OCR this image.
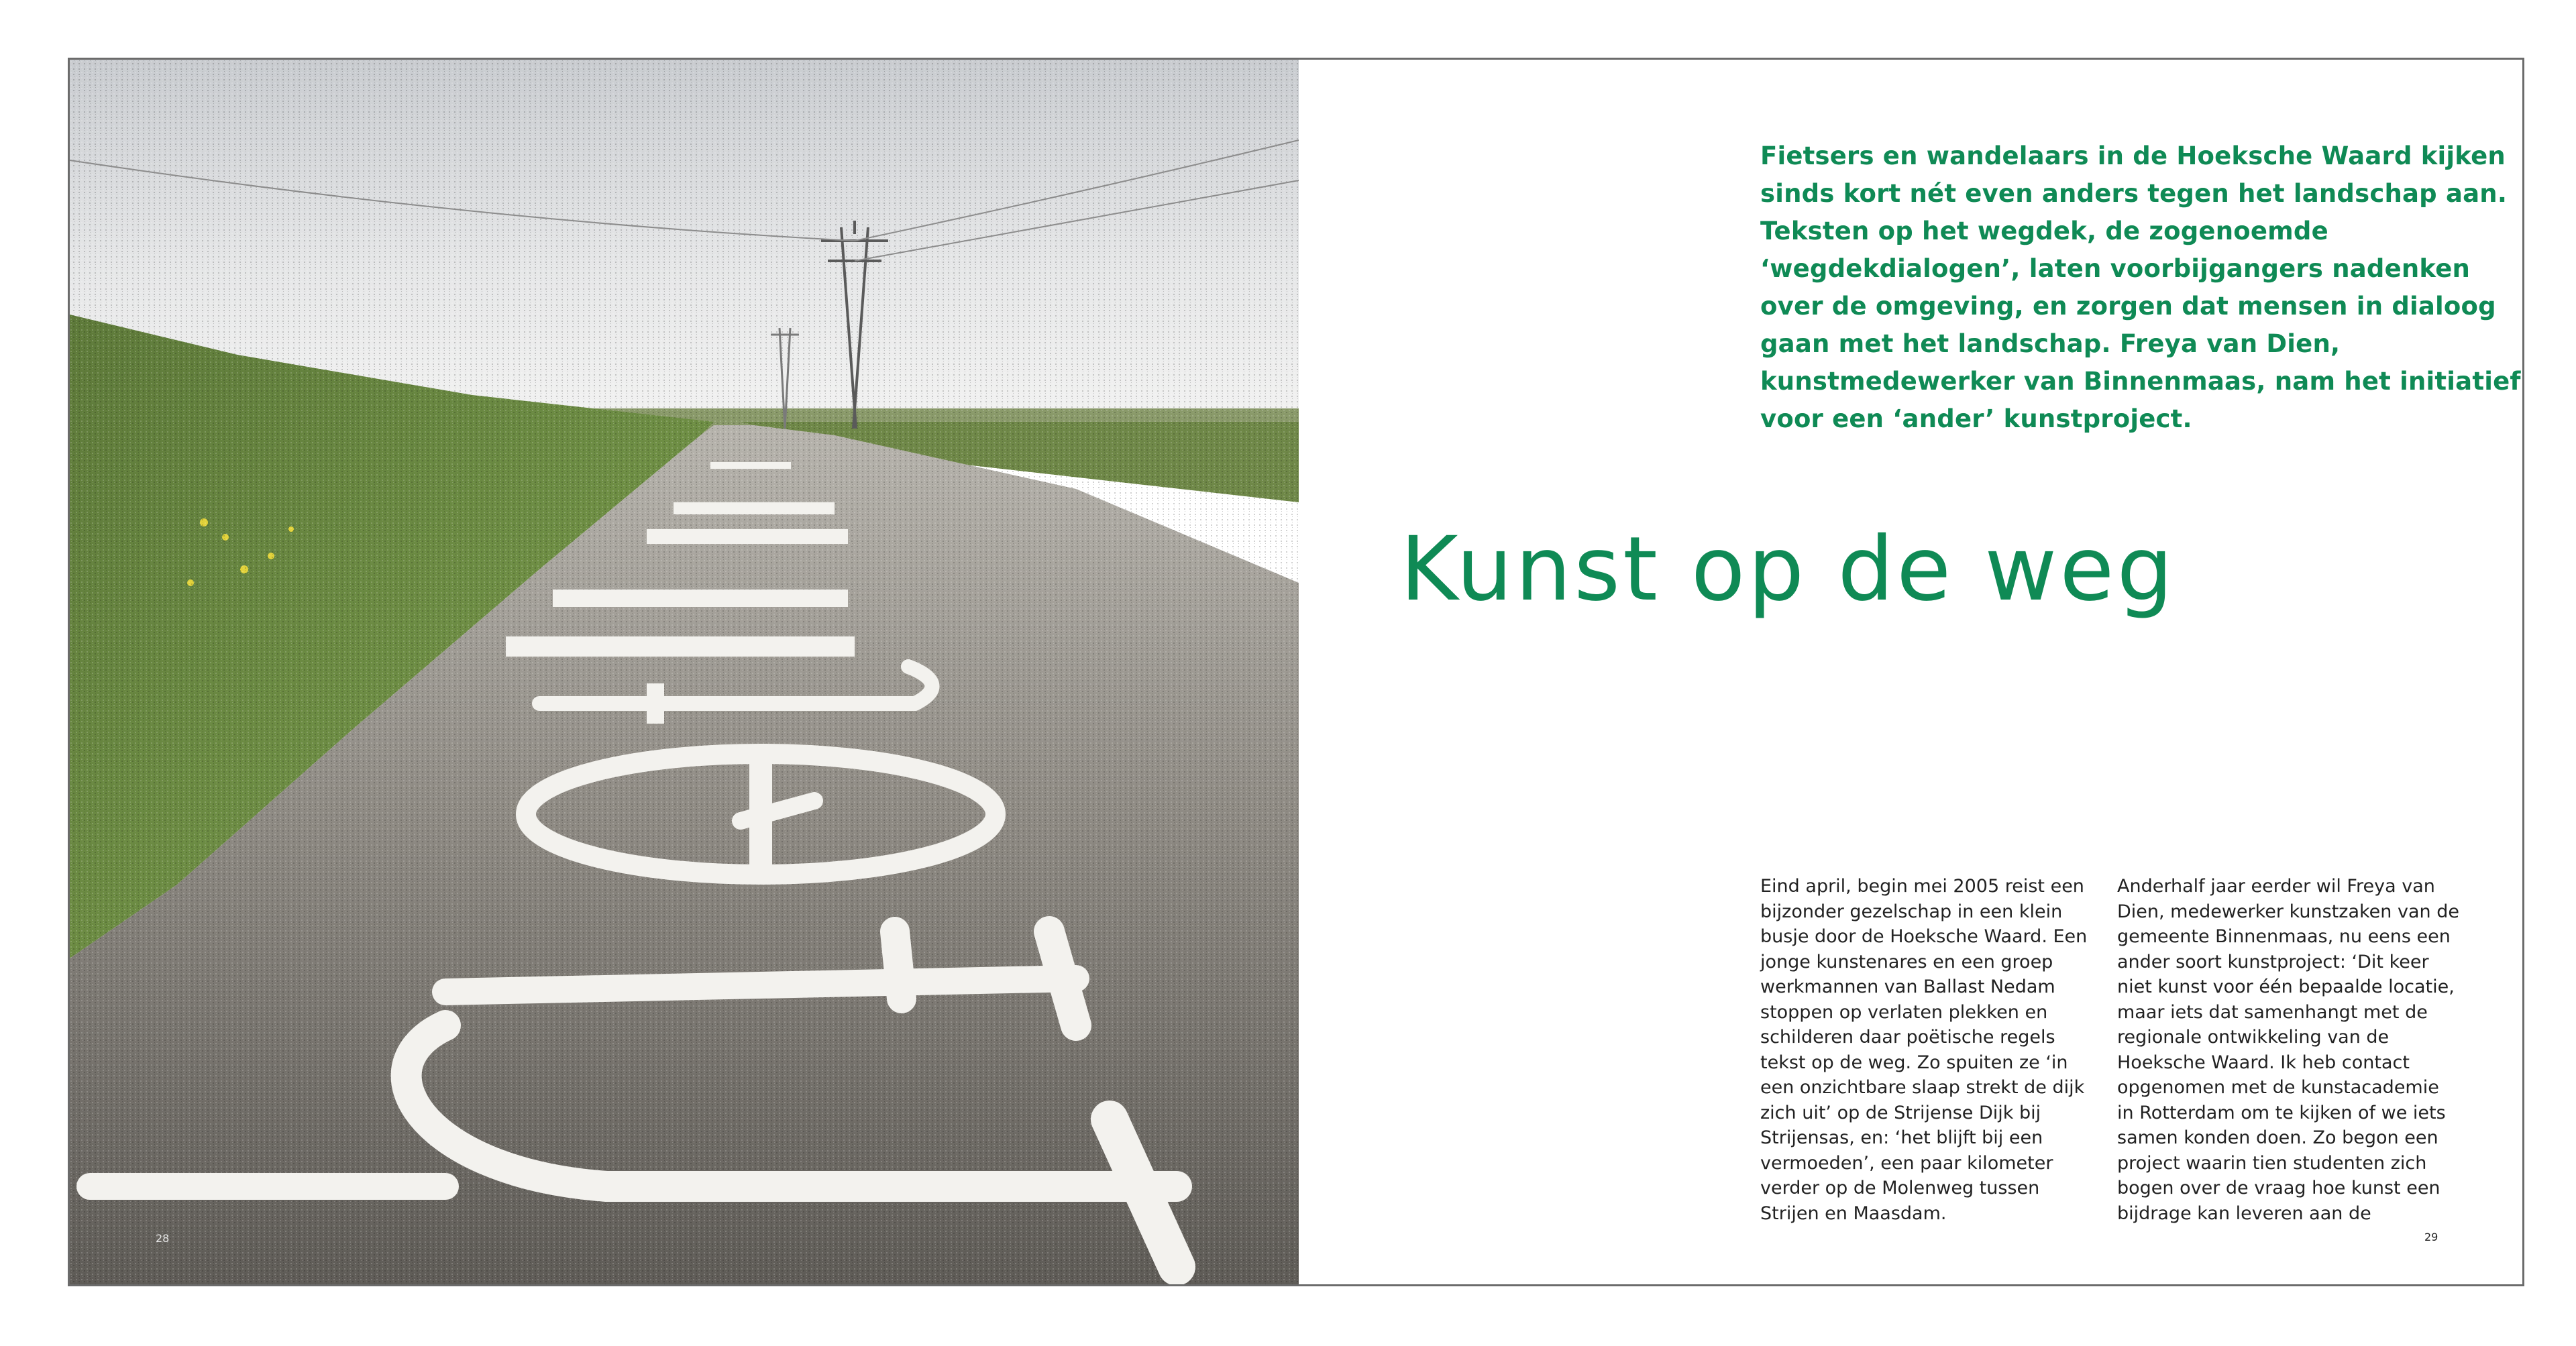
28

Fietsers en wandelaars in de Hoeksche Waard kijken sinds kort nét even anders tegen het landschap aan. Teksten op het wegdek, de zogenoemde ‘wegdekdialogen’, laten voorbijgangers nadenken over de omgeving, en zorgen dat mensen in dialoog gaan met het landschap. Freya van Dien, kunstmedewerker van Binnenmaas, nam het initiatief voor een ‘ander’ kunstproject.

Kunst op de weg

Eind april, begin mei 2005 reist een bijzonder gezelschap in een klein busje door de Hoeksche Waard. Een jonge kunstenares en een groep werkmannen van Ballast Nedam stoppen op verlaten plekken en schilderen daar poëtische regels tekst op de weg. Zo spuiten ze ‘in een onzichtbare slaap strekt de dijk zich uit’ op de Strijense Dijk bij Strijensas, en: ‘het blijft bij een vermoeden’, een paar kilometer verder op de Molenweg tussen Strijen en Maasdam.

Anderhalf jaar eerder wil Freya van Dien, medewerker kunstzaken van de gemeente Binnenmaas, nu eens een ander soort kunstproject: ‘Dit keer niet kunst voor één bepaalde locatie, maar iets dat samenhangt met de regionale ontwikkeling van de Hoeksche Waard. Ik heb contact opgenomen met de kunstacademie in Rotterdam om te kijken of we iets samen konden doen. Zo begon een project waarin tien studenten zich bogen over de vraag hoe kunst een bijdrage kan leveren aan de

29
